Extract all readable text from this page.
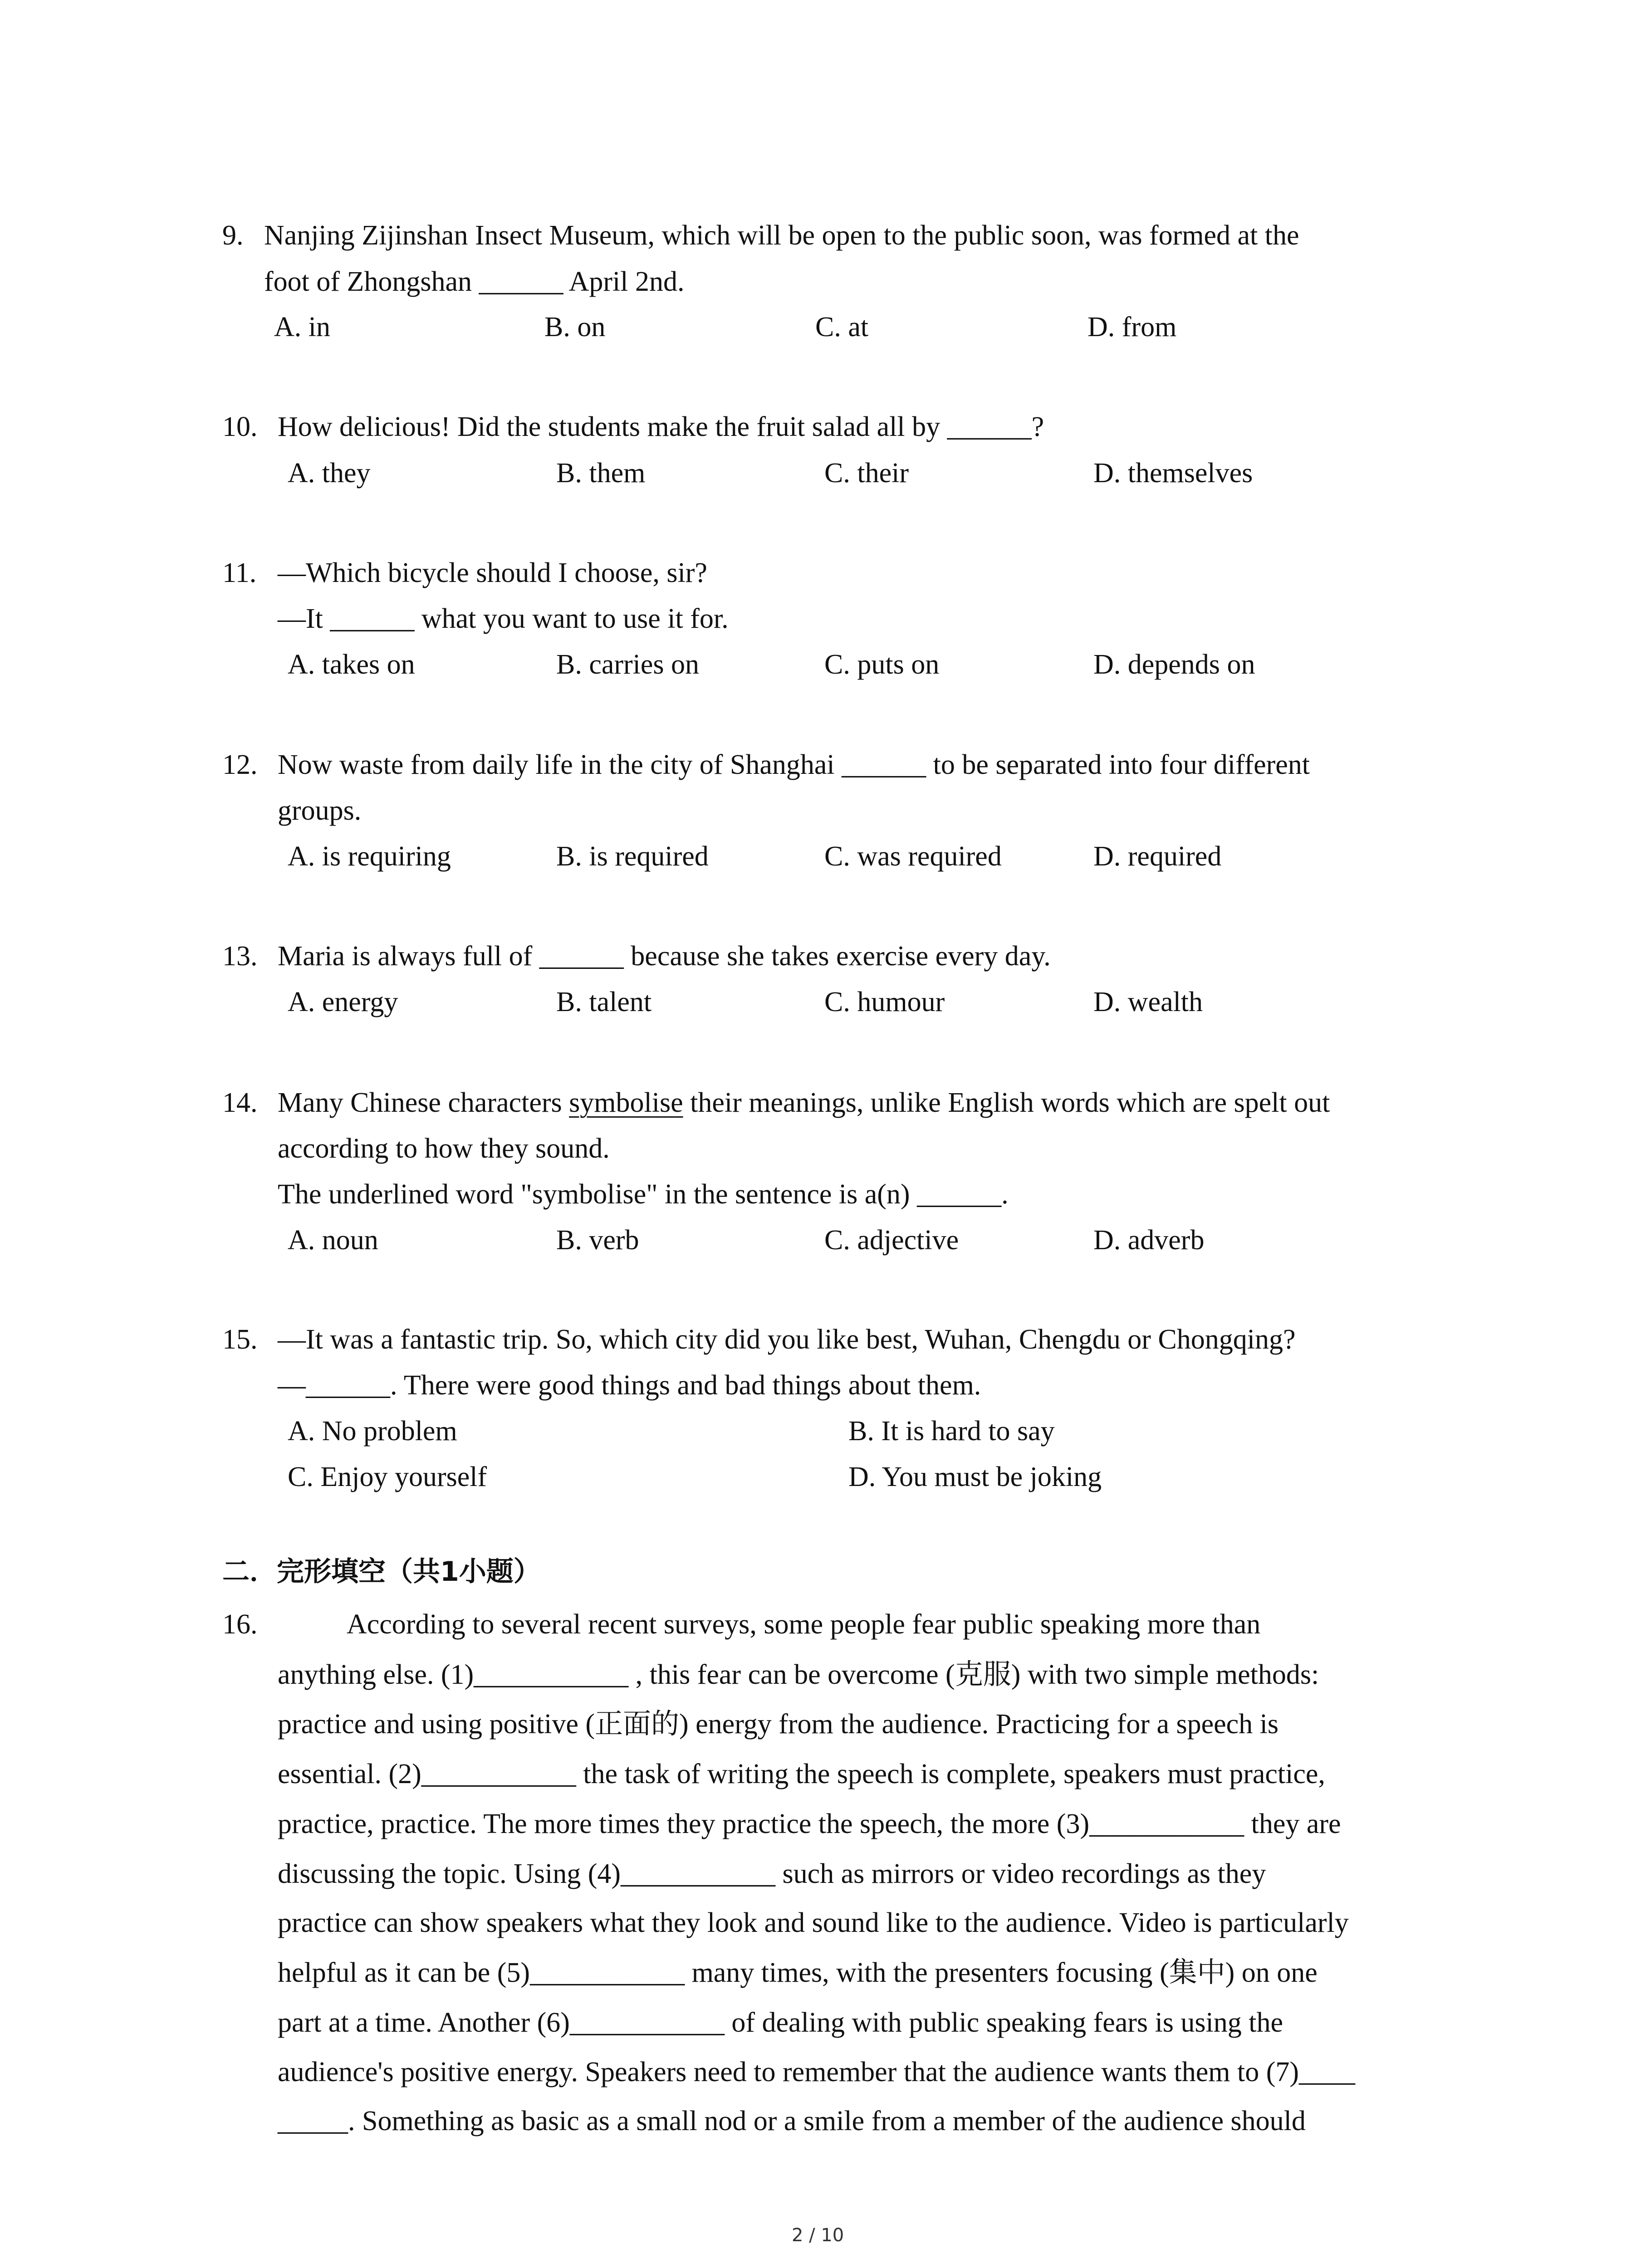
9. Nanjing Zijinshan Insect Museum, which will be open to the public soon, was formed at the
foot of Zhongshan ______ April 2nd.
A. in	B. on	C. at	D. from
10. How delicious! Did the students make the fruit salad all by ______?
A. they	B. them	C. their	D. themselves
11. —Which bicycle should I choose, sir?
—It ______ what you want to use it for.
A. takes on	B. carries on	C. puts on	D. depends on
12. Now waste from daily life in the city of Shanghai ______ to be separated into four different
groups.
A. is requiring	B. is required	C. was required	D. required
13. Maria is always full of ______ because she takes exercise every day.
A. energy	B. talent	C. humour	D. wealth
14. Many Chinese characters symbolise their meanings, unlike English words which are spelt out
according to how they sound.
The underlined word "symbolise" in the sentence is a(n) ______.
A. noun	B. verb	C. adjective	D. adverb
15. —It was a fantastic trip. So, which city did you like best, Wuhan, Chengdu or Chongqing?
—______. There were good things and bad things about them.
A. No problem	B. It is hard to say
C. Enjoy yourself	D. You must be joking
二．完形填空（共1小题）
16.	According to several recent surveys, some people fear public speaking more than
anything else. (1)___________ , this fear can be overcome (克服) with two simple methods:
practice and using positive (正面的) energy from the audience. Practicing for a speech is
essential. (2)___________ the task of writing the speech is complete, speakers must practice,
practice, practice. The more times they practice the speech, the more (3)___________ they are
discussing the topic. Using (4)___________ such as mirrors or video recordings as they
practice can show speakers what they look and sound like to the audience. Video is particularly
helpful as it can be (5)___________ many times, with the presenters focusing (集中) on one
part at a time. Another (6)___________ of dealing with public speaking fears is using the
audience's positive energy. Speakers need to remember that the audience wants them to (7)____
_____. Something as basic as a small nod or a smile from a member of the audience should
2 / 10
